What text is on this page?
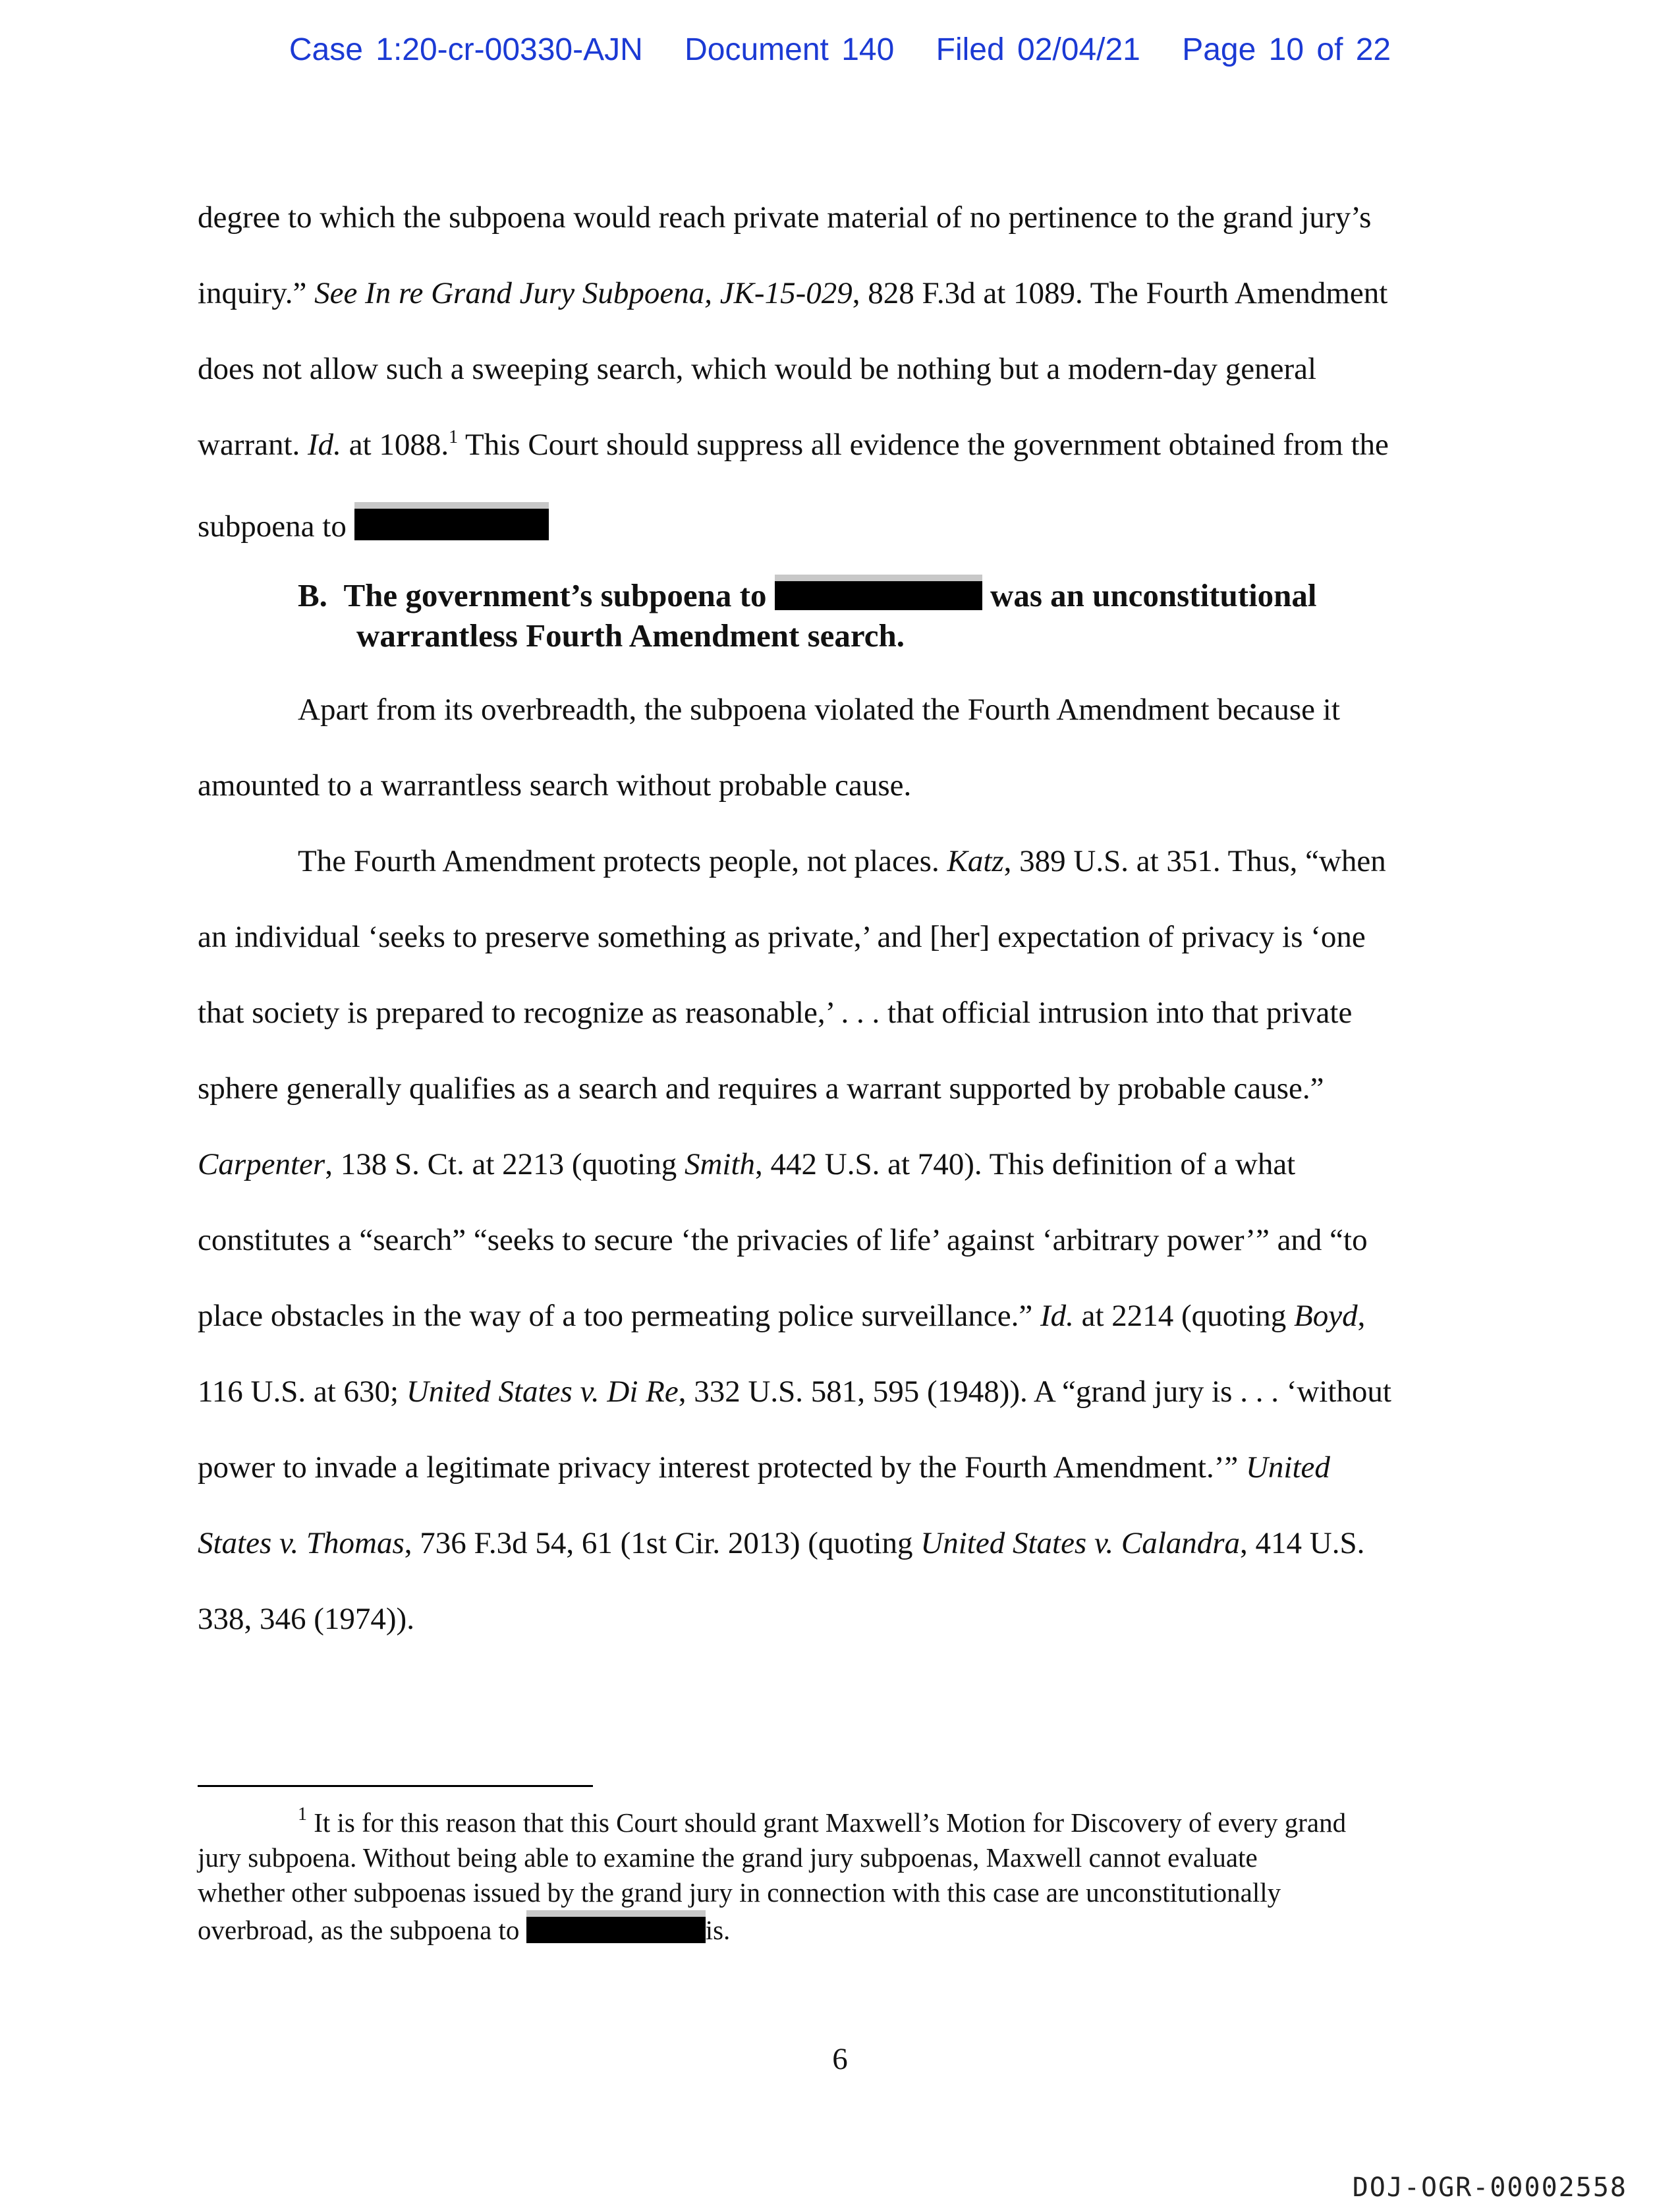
Case 1:20-cr-00330-AJN Document 140 Filed 02/04/21 Page 10 of 22
degree to which the subpoena would reach private material of no pertinence to the grand jury’s
inquiry.” See In re Grand Jury Subpoena, JK-15-029, 828 F.3d at 1089. The Fourth Amendment
does not allow such a sweeping search, which would be nothing but a modern-day general
warrant. Id. at 1088.$^1$ This Court should suppress all evidence the government obtained from the
subpoena to
B. The government’s subpoena to	was an unconstitutional
warrantless Fourth Amendment search.
Apart from its overbreadth, the subpoena violated the Fourth Amendment because it
amounted to a warrantless search without probable cause.
The Fourth Amendment protects people, not places. Katz, 389 U.S. at 351. Thus, “when
an individual ‘seeks to preserve something as private,’ and [her] expectation of privacy is ‘one
that society is prepared to recognize as reasonable,’ . . . that official intrusion into that private
sphere generally qualifies as a search and requires a warrant supported by probable cause.”
Carpenter, 138 S. Ct. at 2213 (quoting Smith, 442 U.S. at 740). This definition of a what
constitutes a “search” “seeks to secure ‘the privacies of life’ against ‘arbitrary power’” and “to
place obstacles in the way of a too permeating police surveillance.” Id. at 2214 (quoting Boyd,
116 U.S. at 630; United States v. Di Re, 332 U.S. 581, 595 (1948)). A “grand jury is . . . ‘without
power to invade a legitimate privacy interest protected by the Fourth Amendment.’” United
States v. Thomas, 736 F.3d 54, 61 (1st Cir. 2013) (quoting United States v. Calandra, 414 U.S.
338, 346 (1974)).
$^1$ It is for this reason that this Court should grant Maxwell’s Motion for Discovery of every grand
jury subpoena. Without being able to examine the grand jury subpoenas, Maxwell cannot evaluate
whether other subpoenas issued by the grand jury in connection with this case are unconstitutionally
overbroad, as the subpoena to	is.
6
DOJ-OGR-00002558
